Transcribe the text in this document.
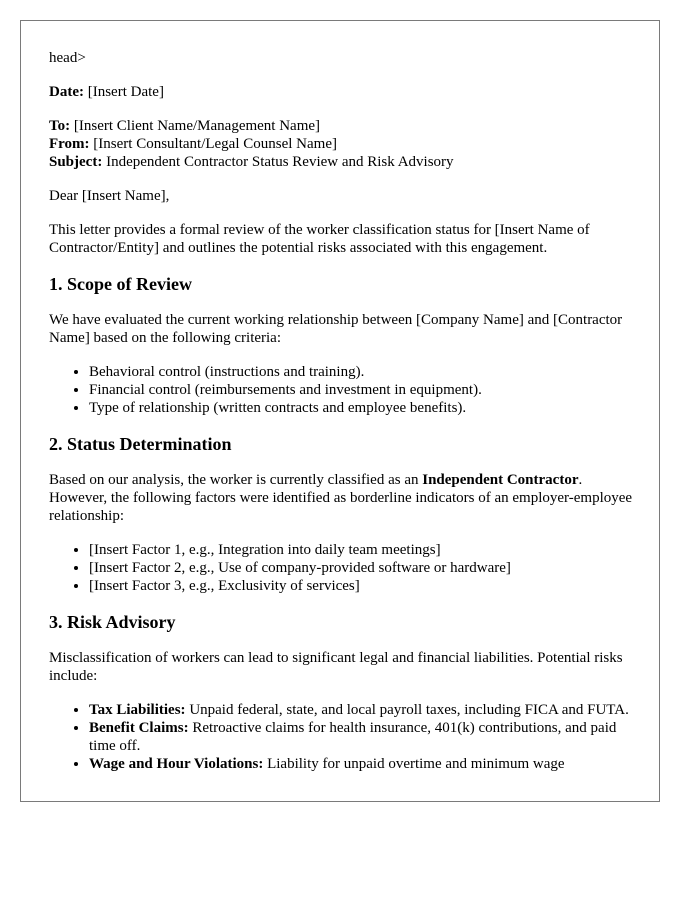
head>

Date: [Insert Date]

To: [Insert Client Name/Management Name]

From: [Insert Consultant/Legal Counsel Name]

Subject: Independent Contractor Status Review and Risk Advisory

Dear [Insert Name],

This letter provides a formal review of the worker classification status for [Insert Name of Contractor/Entity] and outlines the potential risks associated with this engagement.

1. Scope of Review

We have evaluated the current working relationship between [Company Name] and [Contractor Name] based on the following criteria:

• Behavioral control (instructions and training).
• Financial control (reimbursements and investment in equipment).
• Type of relationship (written contracts and employee benefits).
2. Status Determination

Based on our analysis, the worker is currently classified as an Independent Contractor. However, the following factors were identified as borderline indicators of an employer-employee relationship:

• [Insert Factor 1, e.g., Integration into daily team meetings]
• [Insert Factor 2, e.g., Use of company-provided software or hardware]
• [Insert Factor 3, e.g., Exclusivity of services]
3. Risk Advisory

Misclassification of workers can lead to significant legal and financial liabilities. Potential risks include:

• Tax Liabilities: Unpaid federal, state, and local payroll taxes, including FICA and FUTA.
• Benefit Claims: Retroactive claims for health insurance, 401(k) contributions, and paid time off.
• Wage and Hour Violations: Liability for unpaid overtime and minimum wage
